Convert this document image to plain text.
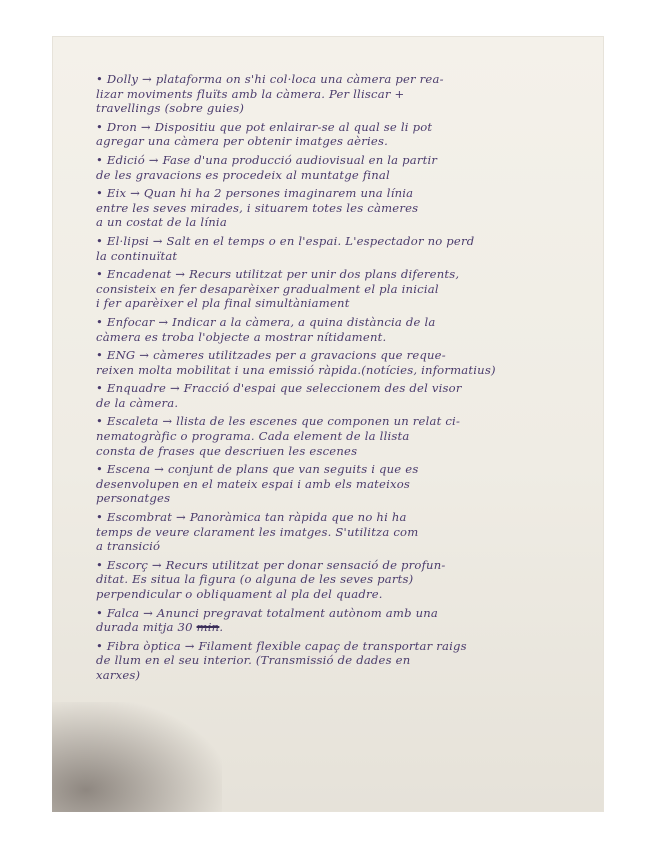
• Dolly → plataforma on s'hi col·loca una càmera per rea-
lizar moviments fluïts amb la càmera. Per lliscar +
travellings (sobre guies)
• Dron → Dispositiu que pot enlairar-se al qual se li pot
agregar una càmera per obtenir imatges aèries.
• Edició → Fase d'una producció audiovisual en la partir
de les gravacions es procedeix al muntatge final
• Eix → Quan hi ha 2 persones imaginarem una línia
entre les seves mirades, i situarem totes les càmeres
a un costat de la línia
• El·lipsi → Salt en el temps o en l'espai. L'espectador no perd
la continuïtat
• Encadenat → Recurs utilitzat per unir dos plans diferents,
consisteix en fer desaparèixer gradualment el pla inicial
i fer aparèixer el pla final simultàniament
• Enfocar → Indicar a la càmera, a quina distància de la
càmera es troba l'objecte a mostrar nítidament.
• ENG → càmeres utilitzades per a gravacions que reque-
reixen molta mobilitat i una emissió ràpida.(notícies, informatius)
• Enquadre → Fracció d'espai que seleccionem des del visor
de la càmera.
• Escaleta → llista de les escenes que componen un relat ci-
nematogràfic o programa. Cada element de la llista
consta de frases que descriuen les escenes
• Escena → conjunt de plans que van seguits i que es
desenvolupen en el mateix espai i amb els mateixos
personatges
• Escombrat → Panoràmica tan ràpida que no hi ha
temps de veure clarament les imatges. S'utilitza com
a transició
• Escorç → Recurs utilitzat per donar sensació de profun-
ditat. Es situa la figura (o alguna de les seves parts)
perpendicular o obliquament al pla del quadre.
• Falca → Anunci pregravat totalment autònom amb una
durada mitja 30 min.
• Fibra òptica → Filament flexible capaç de transportar raigs
de llum en el seu interior. (Transmissió de dades en
xarxes)
